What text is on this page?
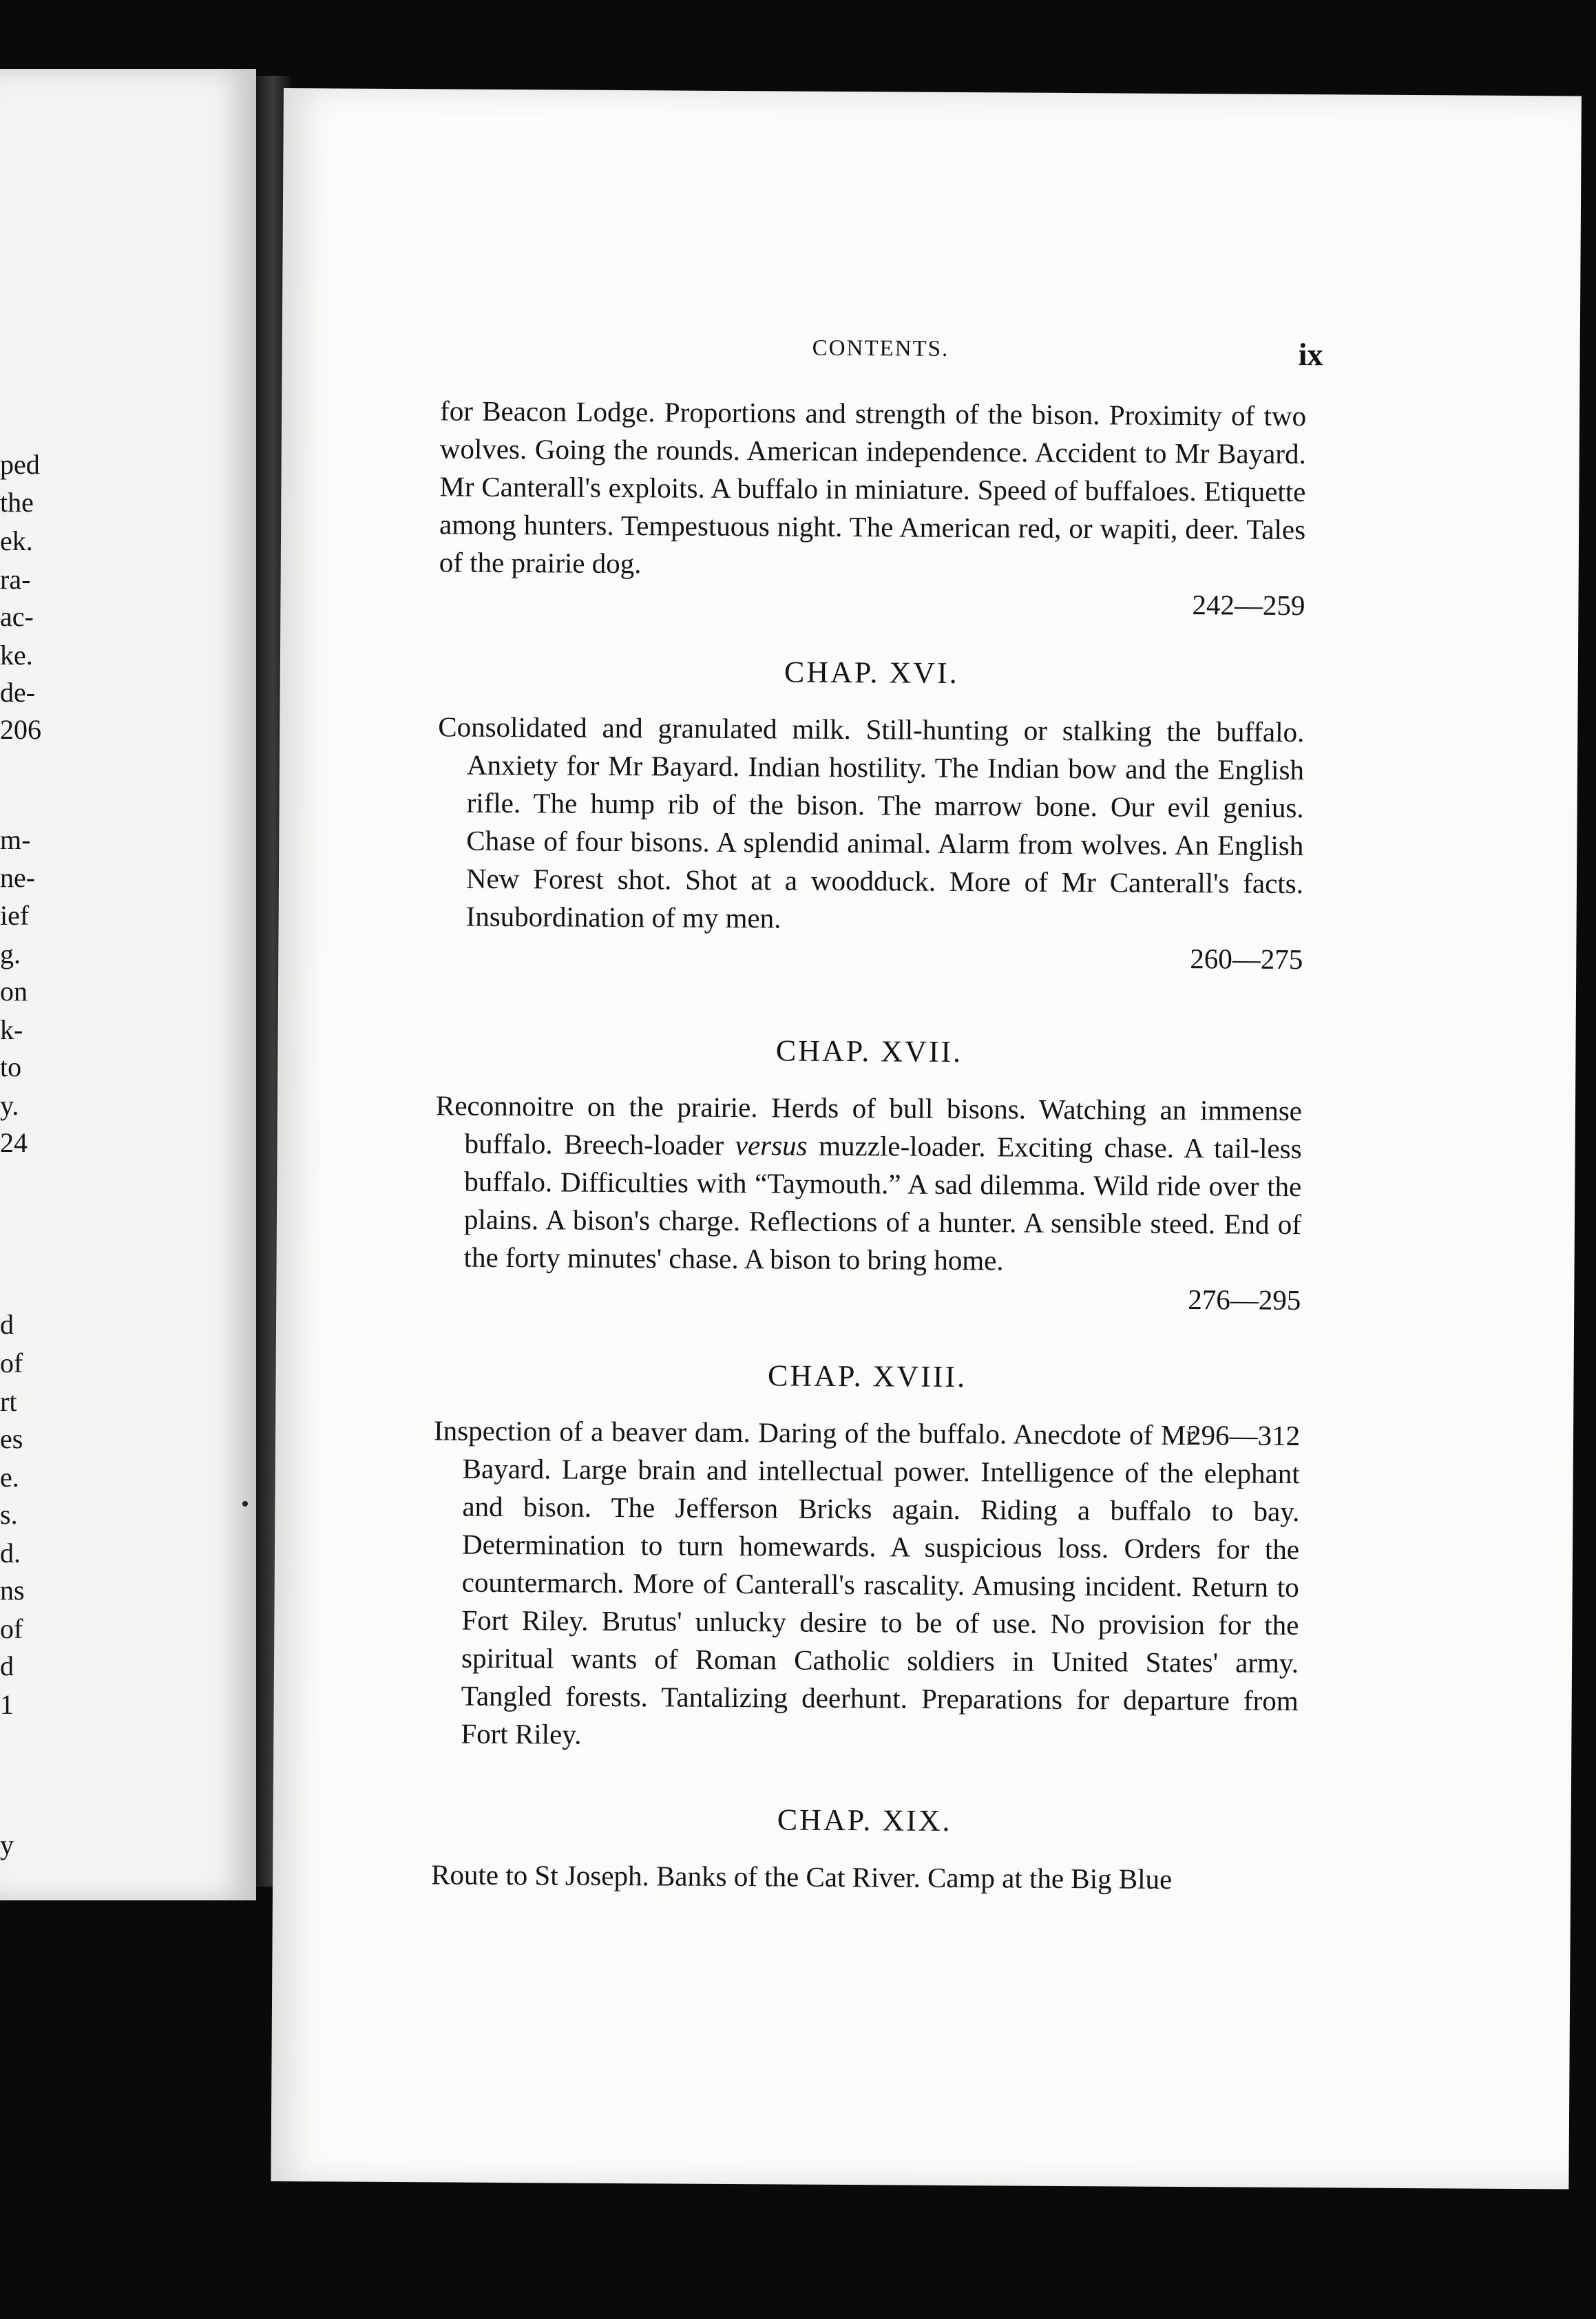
ped
the
ek.
ra-
ac-
ke.
de-
206
m-
ne-
ief
g.
on
k-
to
y.
24
d
of
rt
es
e.
s.
d.
ns
of
d
1
y
CONTENTS.	ix

for Beacon Lodge. Proportions and strength of the bison. Proximity of two wolves. Going the rounds. American independence. Accident to Mr Bayard. Mr Canterall's exploits. A buffalo in miniature. Speed of buffaloes. Etiquette among hunters. Tempestuous night. The American red, or wapiti, deer. Tales of the prairie dog.

242—259
CHAP. XVI.

Consolidated and granulated milk. Still-hunting or stalking the buffalo. Anxiety for Mr Bayard. Indian hostility. The Indian bow and the English rifle. The hump rib of the bison. The marrow bone. Our evil genius. Chase of four bisons. A splendid animal. Alarm from wolves. An English New Forest shot. Shot at a woodduck. More of Mr Canterall's facts. Insubordination of my men.

260—275
CHAP. XVII.

Reconnoitre on the prairie. Herds of bull bisons. Watching an immense buffalo. Breech-loader versus muzzle-loader. Exciting chase. A tail-less buffalo. Difficulties with “Taymouth.” A sad dilemma. Wild ride over the plains. A bison's charge. Reflections of a hunter. A sensible steed. End of the forty minutes' chase. A bison to bring home.

276—295
CHAP. XVIII.

296—312
Inspection of a beaver dam. Daring of the buffalo. Anecdote of Mr Bayard. Large brain and intellectual power. Intelligence of the elephant and bison. The Jefferson Bricks again. Riding a buffalo to bay. Determination to turn homewards. A suspicious loss. Orders for the countermarch. More of Canterall's rascality. Amusing incident. Return to Fort Riley. Brutus' unlucky desire to be of use. No provision for the spiritual wants of Roman Catholic soldiers in United States' army. Tangled forests. Tantalizing deerhunt. Preparations for departure from Fort Riley.

CHAP. XIX.

Route to St Joseph. Banks of the Cat River. Camp at the Big Blue
